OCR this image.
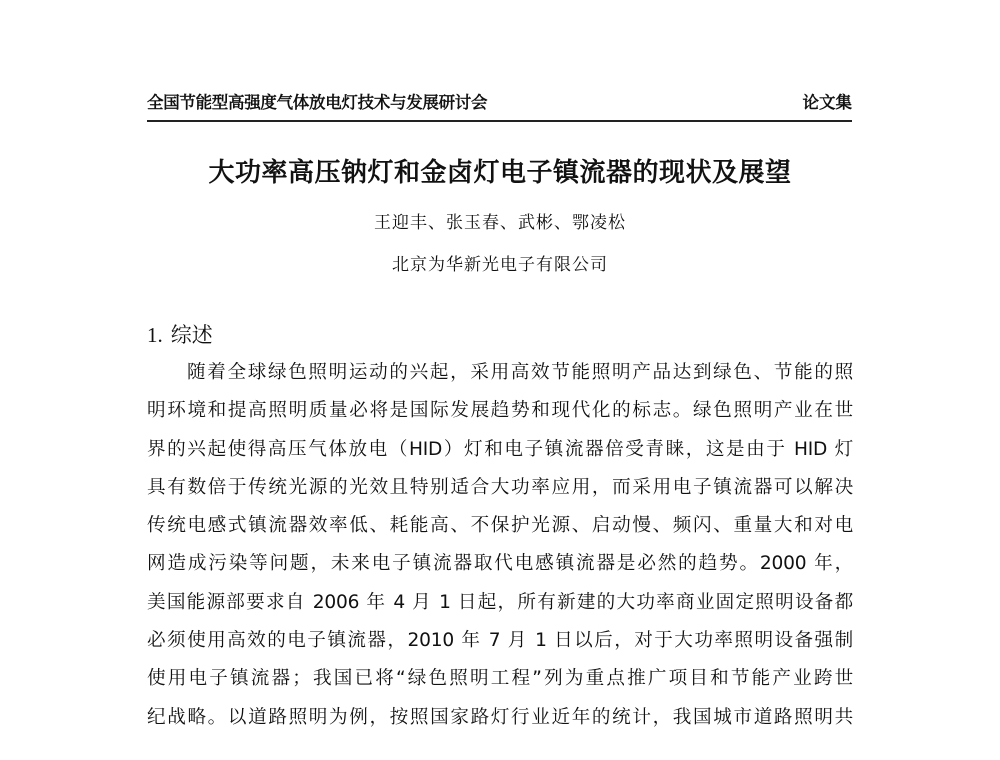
全国节能型高强度气体放电灯技术与发展研讨会	论文集
大功率高压钠灯和金卤灯电子镇流器的现状及展望
王迎丰、张玉春、武彬、鄂凌松
北京为华新光电子有限公司
1. 综述
随着全球绿色照明运动的兴起，采用高效节能照明产品达到绿色、节能的照
明环境和提高照明质量必将是国际发展趋势和现代化的标志。绿色照明产业在世
界的兴起使得高压气体放电（HID）灯和电子镇流器倍受青睐，这是由于 HID 灯
具有数倍于传统光源的光效且特别适合大功率应用，而采用电子镇流器可以解决
传统电感式镇流器效率低、耗能高、不保护光源、启动慢、频闪、重量大和对电
网造成污染等问题，未来电子镇流器取代电感镇流器是必然的趋势。2000 年，
美国能源部要求自 2006 年 4 月 1 日起，所有新建的大功率商业固定照明设备都
必须使用高效的电子镇流器，2010 年 7 月 1 日以后，对于大功率照明设备强制
使用电子镇流器；我国已将“绿色照明工程”列为重点推广项目和节能产业跨世
纪战略。以道路照明为例，按照国家路灯行业近年的统计，我国城市道路照明共
